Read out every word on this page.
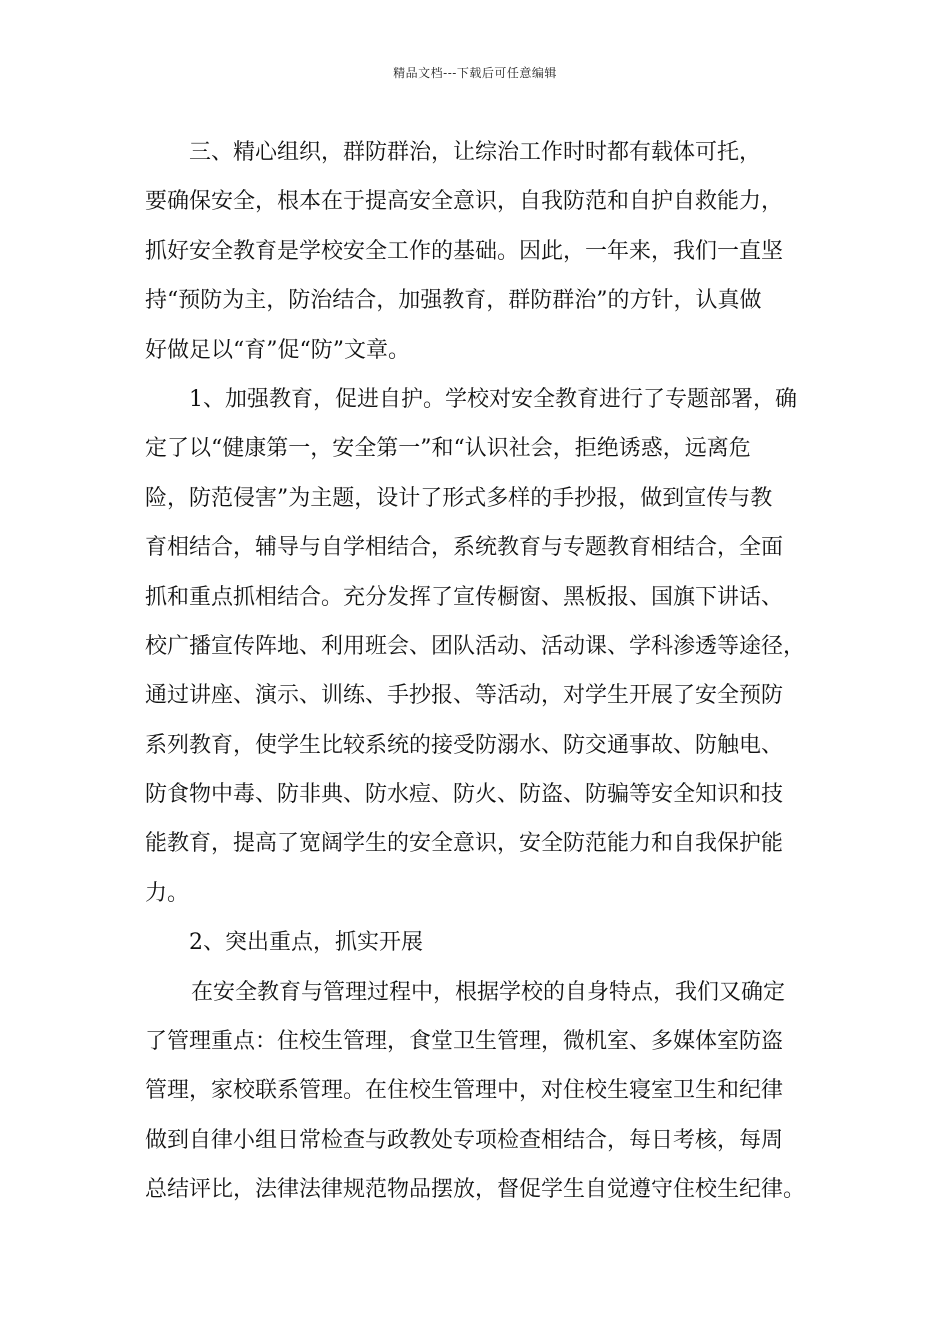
精品文档---下载后可任意编辑
三、精心组织，群防群治，让综治工作时时都有载体可托，
要确保安全，根本在于提高安全意识，自我防范和自护自救能力，
抓好安全教育是学校安全工作的基础。因此，一年来，我们一直坚
持“预防为主，防治结合，加强教育，群防群治”的方针，认真做
好做足以“育”促“防”文章。
1、加强教育，促进自护。学校对安全教育进行了专题部署，确
定了以“健康第一，安全第一”和“认识社会，拒绝诱惑，远离危
险，防范侵害”为主题，设计了形式多样的手抄报，做到宣传与教
育相结合，辅导与自学相结合，系统教育与专题教育相结合，全面
抓和重点抓相结合。充分发挥了宣传橱窗、黑板报、国旗下讲话、
校广播宣传阵地、利用班会、团队活动、活动课、学科渗透等途径，
通过讲座、演示、训练、手抄报、等活动，对学生开展了安全预防
系列教育，使学生比较系统的接受防溺水、防交通事故、防触电、
防食物中毒、防非典、防水痘、防火、防盗、防骗等安全知识和技
能教育，提高了宽阔学生的安全意识，安全防范能力和自我保护能
力。
2、突出重点，抓实开展
在安全教育与管理过程中，根据学校的自身特点，我们又确定
了管理重点：住校生管理，食堂卫生管理，微机室、多媒体室防盗
管理，家校联系管理。在住校生管理中，对住校生寝室卫生和纪律
做到自律小组日常检查与政教处专项检查相结合，每日考核，每周
总结评比，法律法律规范物品摆放，督促学生自觉遵守住校生纪律。
